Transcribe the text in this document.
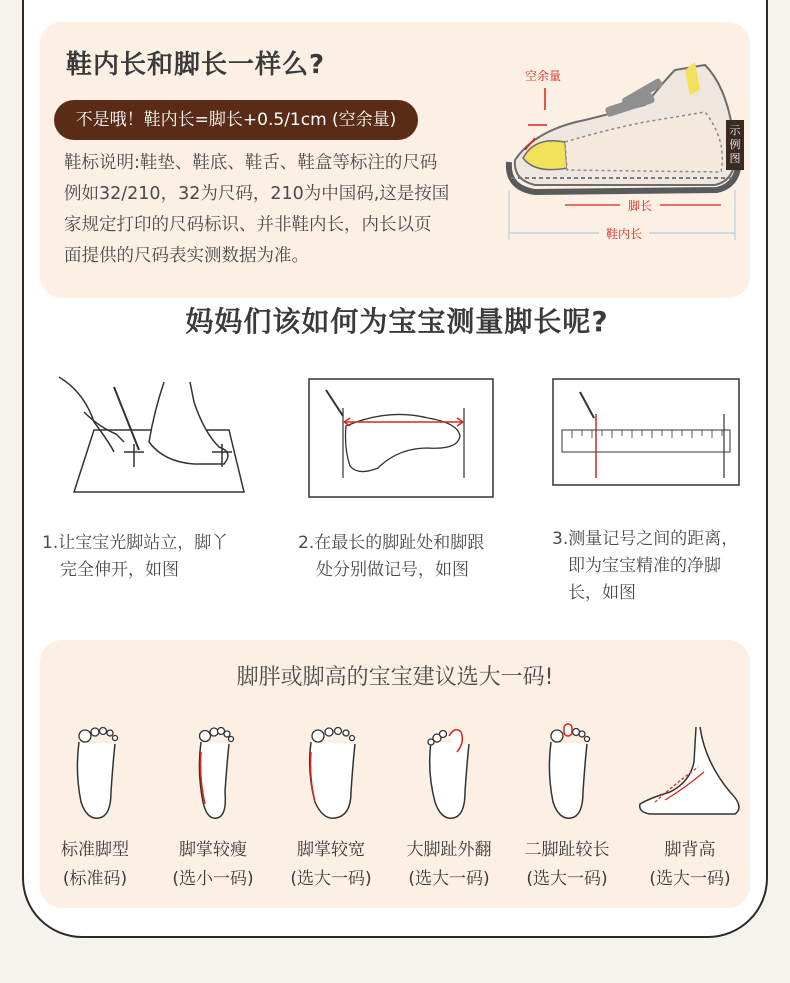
鞋内长和脚长一样么?
不是哦！鞋内长=脚长+0.5/1cm (空余量)
鞋标说明:鞋垫、鞋底、鞋舌、鞋盒等标注的尺码
例如32/210，32为尺码，210为中国码,这是按国
家规定打印的尺码标识、并非鞋内长，内长以页
面提供的尺码表实测数据为准。
空余量
脚长
鞋内长
示例图
妈妈们该如何为宝宝测量脚长呢?
1.让宝宝光脚站立，脚丫
完全伸开，如图
2.在最长的脚趾处和脚跟
处分别做记号，如图
3.测量记号之间的距离，
即为宝宝精准的净脚
长，如图
脚胖或脚高的宝宝建议选大一码!
标准脚型
(标准码)
脚掌较瘦
(选小一码)
脚掌较宽
(选大一码)
大脚趾外翻
(选大一码)
二脚趾较长
(选大一码)
脚背高
(选大一码)
